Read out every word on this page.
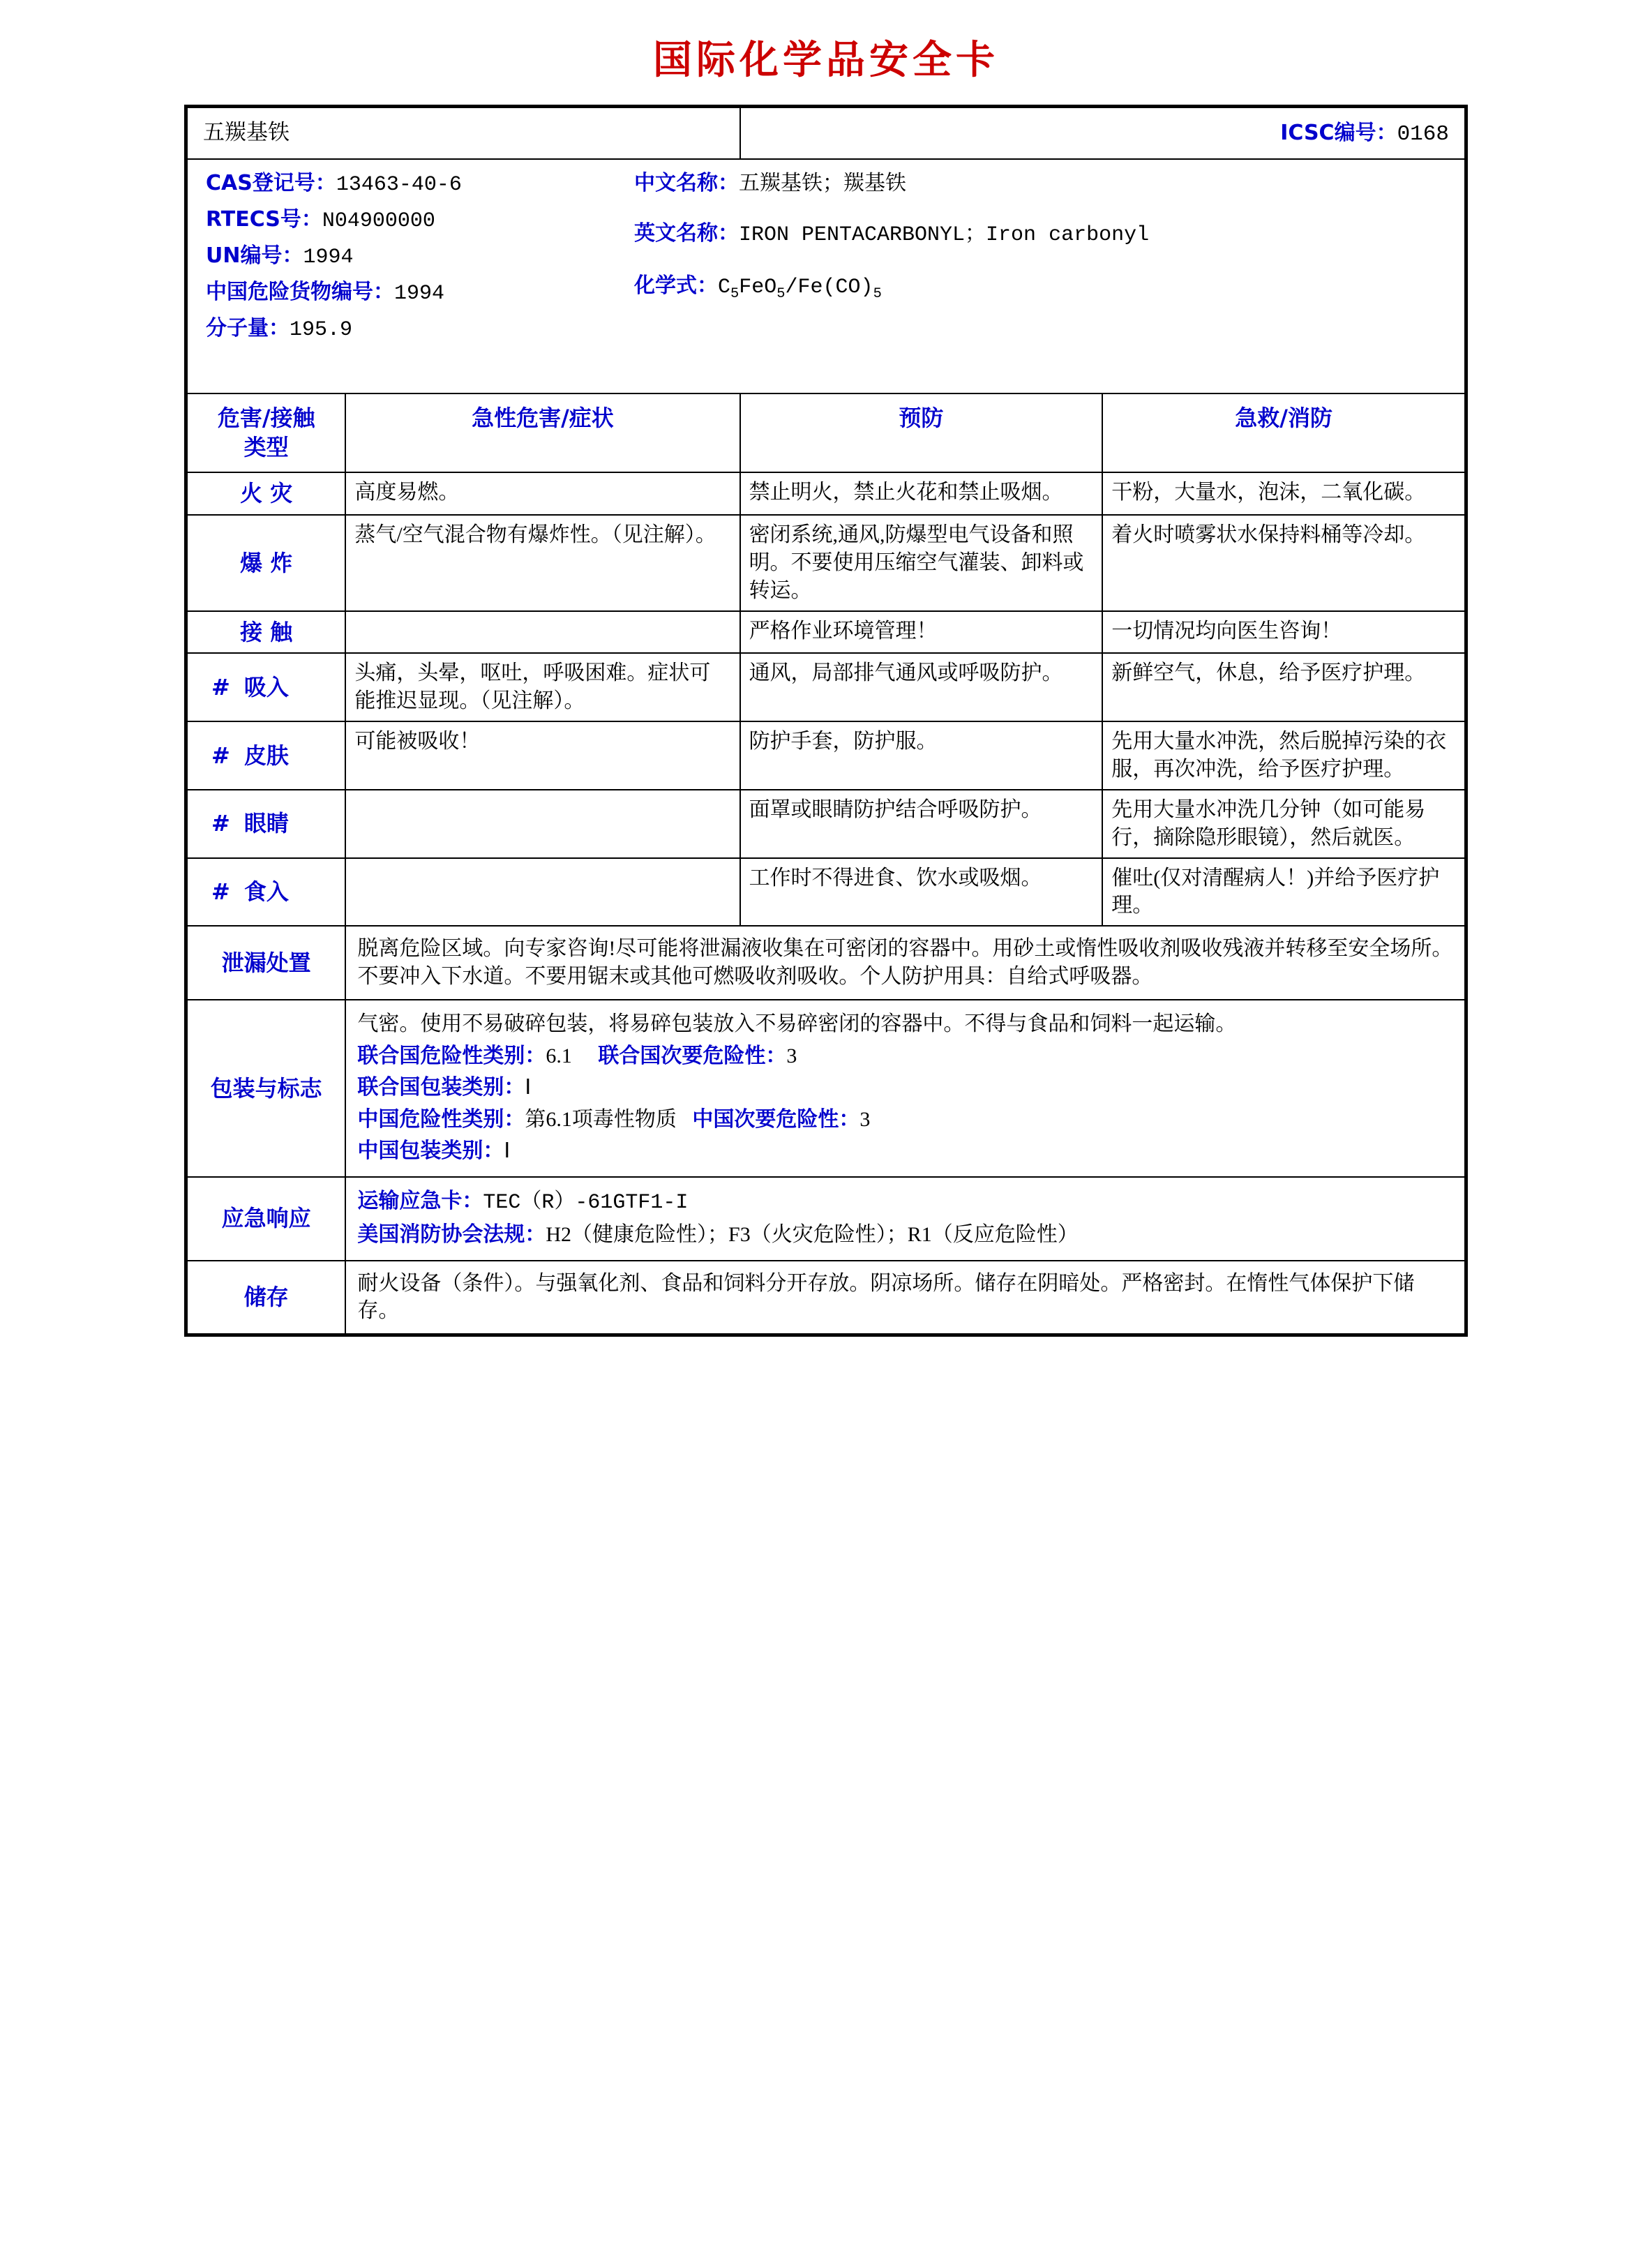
国际化学品安全卡
五羰基铁		ICSC编号：0168	

CAS登记号：13463-40-6
RTECS号：N04900000
UN编号：1994
中国危险货物编号：1994
分子量：195.9
中文名称：五羰基铁；羰基铁
英文名称：IRON PENTACARBONYL；Iron carbonyl
化学式：$C_5FeO_5/Fe(CO)_5$

危害/接触
类型	急性危害/症状	预防	急救/消防
火 灾	高度易燃。	禁止明火，禁止火花和禁止吸烟。	干粉，大量水，泡沫，二氧化碳。
爆 炸	蒸气/空气混合物有爆炸性。（见注解）。	密闭系统,通风,防爆型电气设备和照明。不要使用压缩空气灌装、卸料或转运。	着火时喷雾状水保持料桶等冷却。
接 触		严格作业环境管理！	一切情况均向医生咨询！
# 吸入	头痛，头晕，呕吐，呼吸困难。症状可能推迟显现。（见注解）。	通风，局部排气通风或呼吸防护。	新鲜空气，休息，给予医疗护理。
# 皮肤	可能被吸收！	防护手套，防护服。	先用大量水冲洗，然后脱掉污染的衣服，再次冲洗，给予医疗护理。
# 眼睛		面罩或眼睛防护结合呼吸防护。	先用大量水冲洗几分钟（如可能易行，摘除隐形眼镜），然后就医。
# 食入		工作时不得进食、饮水或吸烟。	催吐(仅对清醒病人！)并给予医疗护理。
泄漏处置	脱离危险区域。向专家咨询!尽可能将泄漏液收集在可密闭的容器中。用砂土或惰性吸收剂吸收残液并转移至安全场所。不要冲入下水道。不要用锯末或其他可燃吸收剂吸收。个人防护用具：自给式呼吸器。		
包装与标志	气密。使用不易破碎包装，将易碎包装放入不易碎密闭的容器中。不得与食品和饲料一起运输。

联合国危险性类别：6.1 联合国次要危险性：3

联合国包装类别：Ⅰ

中国危险性类别：第6.1项毒性物质 中国次要危险性：3

中国包装类别：Ⅰ		

应急响应	运输应急卡：TEC（R）-61GTF1-I

美国消防协会法规：H2（健康危险性）；F3（火灾危险性）；R1（反应危险性）		

储存	耐火设备（条件）。与强氧化剂、食品和饲料分开存放。阴凉场所。储存在阴暗处。严格密封。在惰性气体保护下储存。		
